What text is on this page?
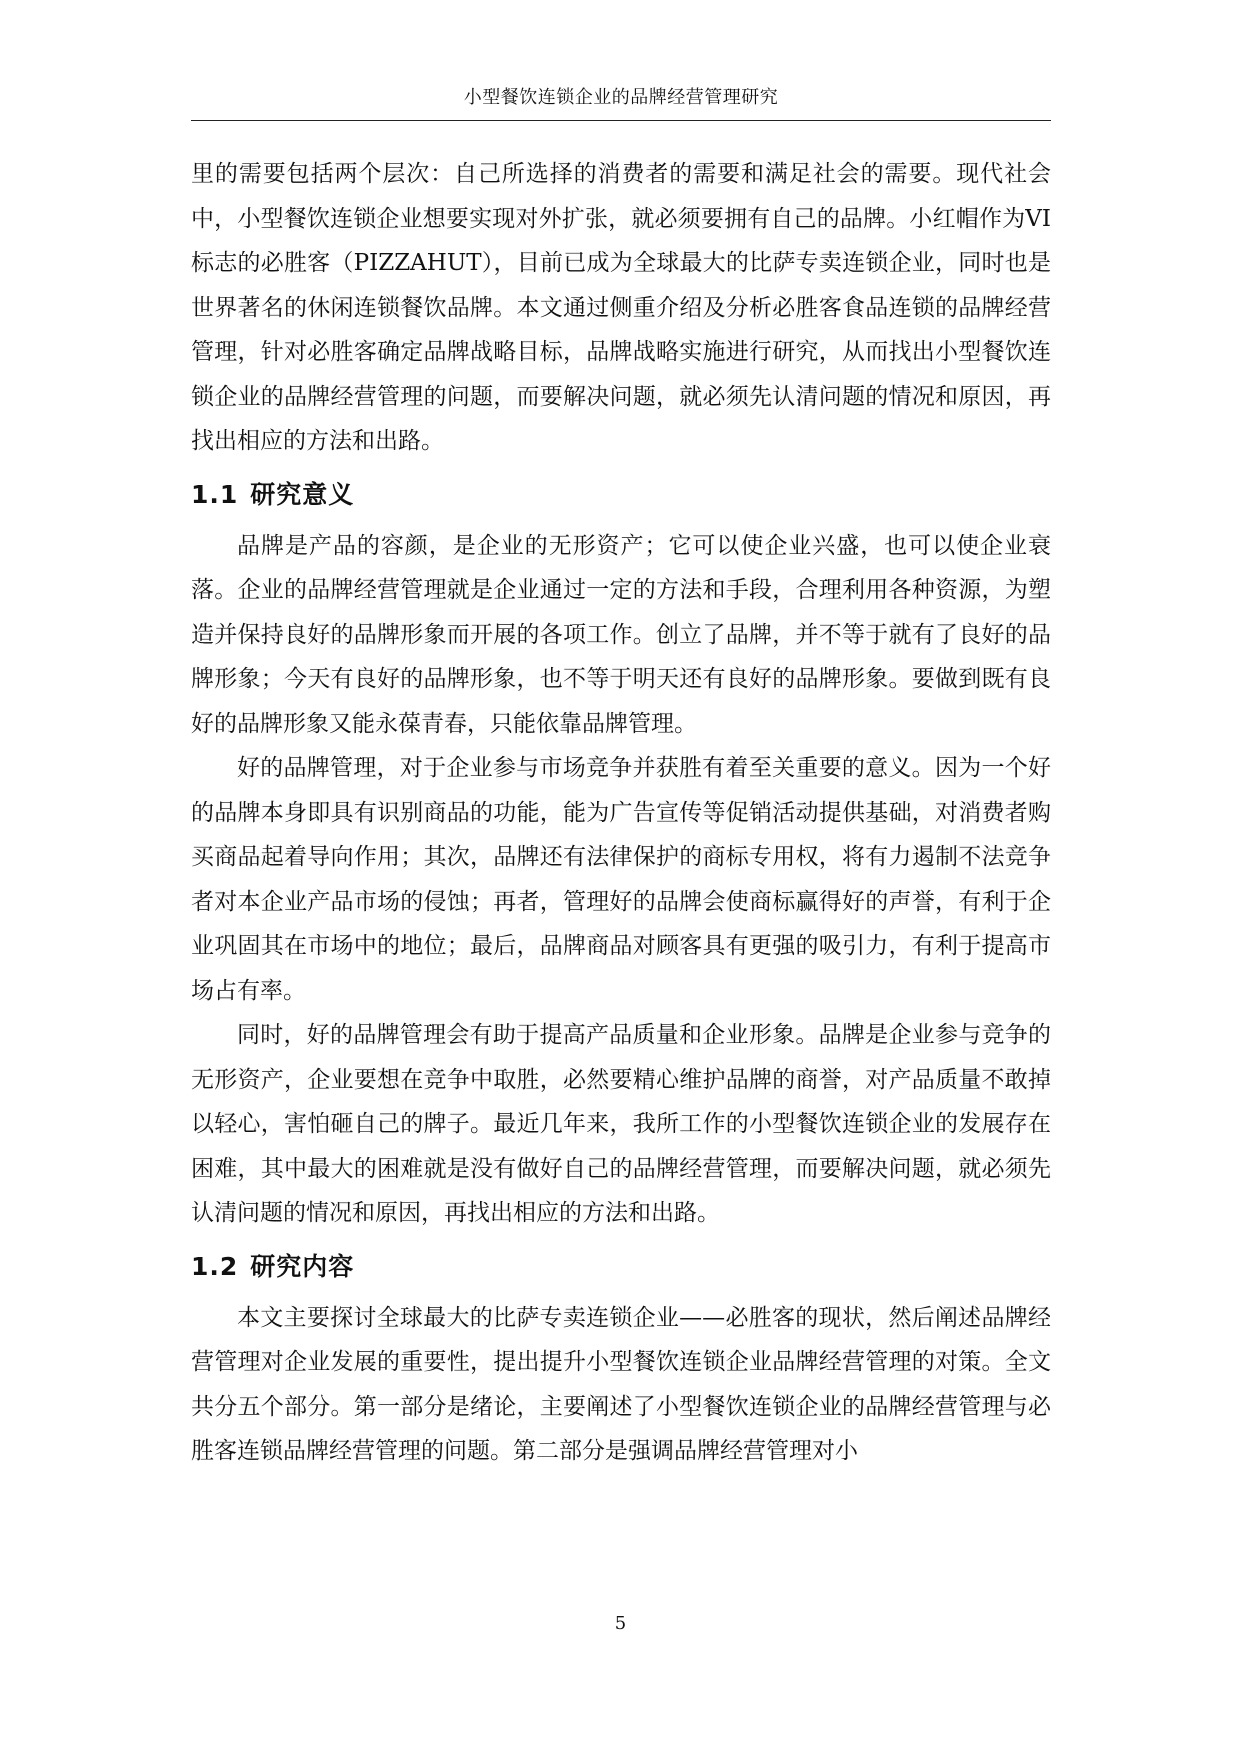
小型餐饮连锁企业的品牌经营管理研究

里的需要包括两个层次：自己所选择的消费者的需要和满足社会的需要。现代社会中，小型餐饮连锁企业想要实现对外扩张，就必须要拥有自己的品牌。小红帽作为VI标志的必胜客（PIZZAHUT），目前已成为全球最大的比萨专卖连锁企业，同时也是世界著名的休闲连锁餐饮品牌。本文通过侧重介绍及分析必胜客食品连锁的品牌经营管理，针对必胜客确定品牌战略目标，品牌战略实施进行研究，从而找出小型餐饮连锁企业的品牌经营管理的问题，而要解决问题，就必须先认清问题的情况和原因，再找出相应的方法和出路。

1.1 研究意义

品牌是产品的容颜，是企业的无形资产；它可以使企业兴盛，也可以使企业衰落。企业的品牌经营管理就是企业通过一定的方法和手段，合理利用各种资源，为塑造并保持良好的品牌形象而开展的各项工作。创立了品牌，并不等于就有了良好的品牌形象；今天有良好的品牌形象，也不等于明天还有良好的品牌形象。要做到既有良好的品牌形象又能永葆青春，只能依靠品牌管理。

好的品牌管理，对于企业参与市场竞争并获胜有着至关重要的意义。因为一个好的品牌本身即具有识别商品的功能，能为广告宣传等促销活动提供基础，对消费者购买商品起着导向作用；其次，品牌还有法律保护的商标专用权，将有力遏制不法竞争者对本企业产品市场的侵蚀；再者，管理好的品牌会使商标赢得好的声誉，有利于企业巩固其在市场中的地位；最后，品牌商品对顾客具有更强的吸引力，有利于提高市场占有率。

同时，好的品牌管理会有助于提高产品质量和企业形象。品牌是企业参与竞争的无形资产，企业要想在竞争中取胜，必然要精心维护品牌的商誉，对产品质量不敢掉以轻心，害怕砸自己的牌子。最近几年来，我所工作的小型餐饮连锁企业的发展存在困难，其中最大的困难就是没有做好自己的品牌经营管理，而要解决问题，就必须先认清问题的情况和原因，再找出相应的方法和出路。

1.2 研究内容

本文主要探讨全球最大的比萨专卖连锁企业——必胜客的现状，然后阐述品牌经营管理对企业发展的重要性，提出提升小型餐饮连锁企业品牌经营管理的对策。全文共分五个部分。第一部分是绪论，主要阐述了小型餐饮连锁企业的品牌经营管理与必胜客连锁品牌经营管理的问题。第二部分是强调品牌经营管理对小

5
